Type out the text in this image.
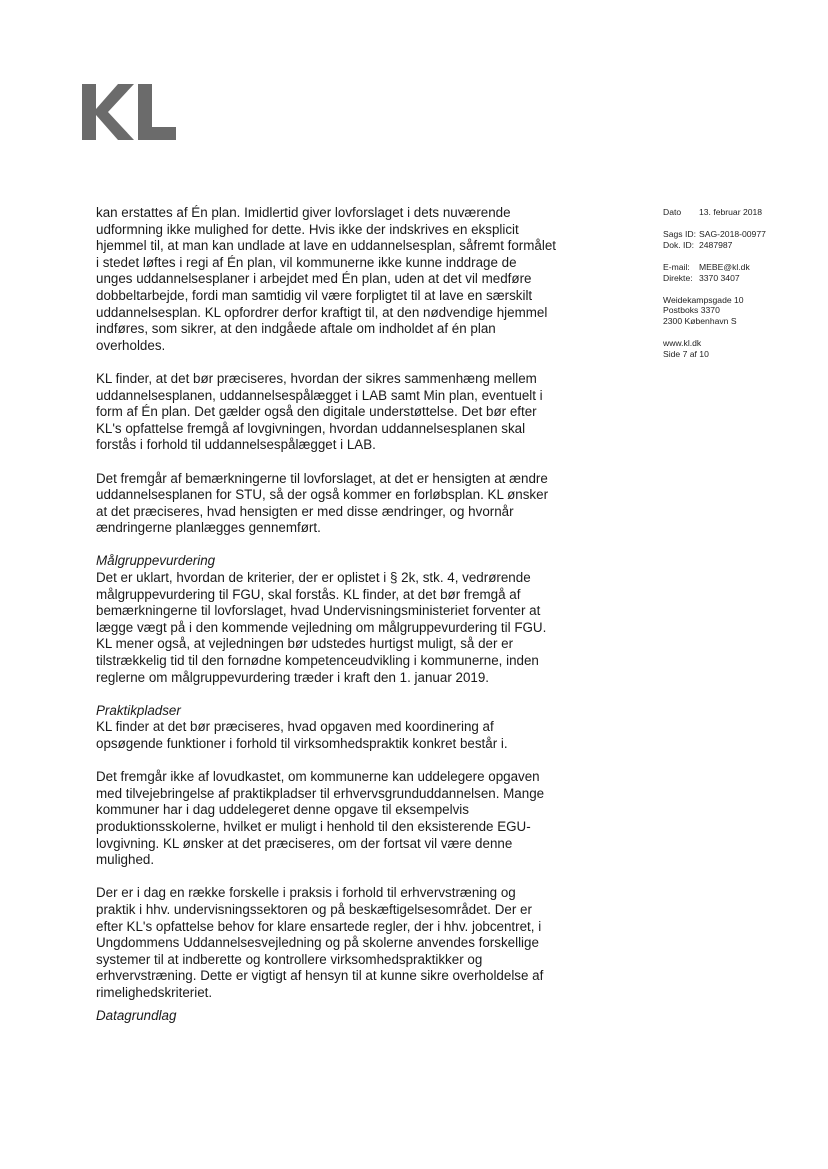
Dato 13. februar 2018
Sags ID: SAG-2018-00977
Dok. ID: 2487987
E-mail: MEBE@kl.dk
Direkte: 3370 3407
Weidekampsgade 10
Postboks 3370
2300 København S
www.kl.dk
Side 7 af 10
kan erstattes af Én plan. Imidlertid giver lovforslaget i dets nuværende udformning ikke mulighed for dette. Hvis ikke der indskrives en eksplicit hjemmel til, at man kan undlade at lave en uddannelsesplan, såfremt formålet i stedet løftes i regi af Én plan, vil kommunerne ikke kunne inddrage de unges uddannelsesplaner i arbejdet med Én plan, uden at det vil medføre dobbeltarbejde, fordi man samtidig vil være forpligtet til at lave en særskilt uddannelsesplan. KL opfordrer derfor kraftigt til, at den nødvendige hjemmel indføres, som sikrer, at den indgåede aftale om indholdet af én plan overholdes.
KL finder, at det bør præciseres, hvordan der sikres sammenhæng mellem uddannelsesplanen, uddannelsespålægget i LAB samt Min plan, eventuelt i form af Én plan. Det gælder også den digitale understøttelse. Det bør efter KL's opfattelse fremgå af lovgivningen, hvordan uddannelsesplanen skal forstås i forhold til uddannelsespålægget i LAB.
Det fremgår af bemærkningerne til lovforslaget, at det er hensigten at ændre uddannelsesplanen for STU, så der også kommer en forløbsplan. KL ønsker at det præciseres, hvad hensigten er med disse ændringer, og hvornår ændringerne planlægges gennemført.
Målgruppevurdering
Det er uklart, hvordan de kriterier, der er oplistet i § 2k, stk. 4, vedrørende målgruppevurdering til FGU, skal forstås. KL finder, at det bør fremgå af bemærkningerne til lovforslaget, hvad Undervisningsministeriet forventer at lægge vægt på i den kommende vejledning om målgruppevurdering til FGU. KL mener også, at vejledningen bør udstedes hurtigst muligt, så der er tilstrækkelig tid til den fornødne kompetenceudvikling i kommunerne, inden reglerne om målgruppevurdering træder i kraft den 1. januar 2019.
Praktikpladser
KL finder at det bør præciseres, hvad opgaven med koordinering af opsøgende funktioner i forhold til virksomhedspraktik konkret består i.
Det fremgår ikke af lovudkastet, om kommunerne kan uddelegere opgaven med tilvejebringelse af praktikpladser til erhvervsgrunduddannelsen. Mange kommuner har i dag uddelegeret denne opgave til eksempelvis produktionsskolerne, hvilket er muligt i henhold til den eksisterende EGU-lovgivning. KL ønsker at det præciseres, om der fortsat vil være denne mulighed.
Der er i dag en række forskelle i praksis i forhold til erhvervstræning og praktik i hhv. undervisningssektoren og på beskæftigelsesområdet. Der er efter KL's opfattelse behov for klare ensartede regler, der i hhv. jobcentret, i Ungdommens Uddannelsesvejledning og på skolerne anvendes forskellige systemer til at indberette og kontrollere virksomhedspraktikker og erhvervstræning. Dette er vigtigt af hensyn til at kunne sikre overholdelse af rimelighedskriteriet.
Datagrundlag
